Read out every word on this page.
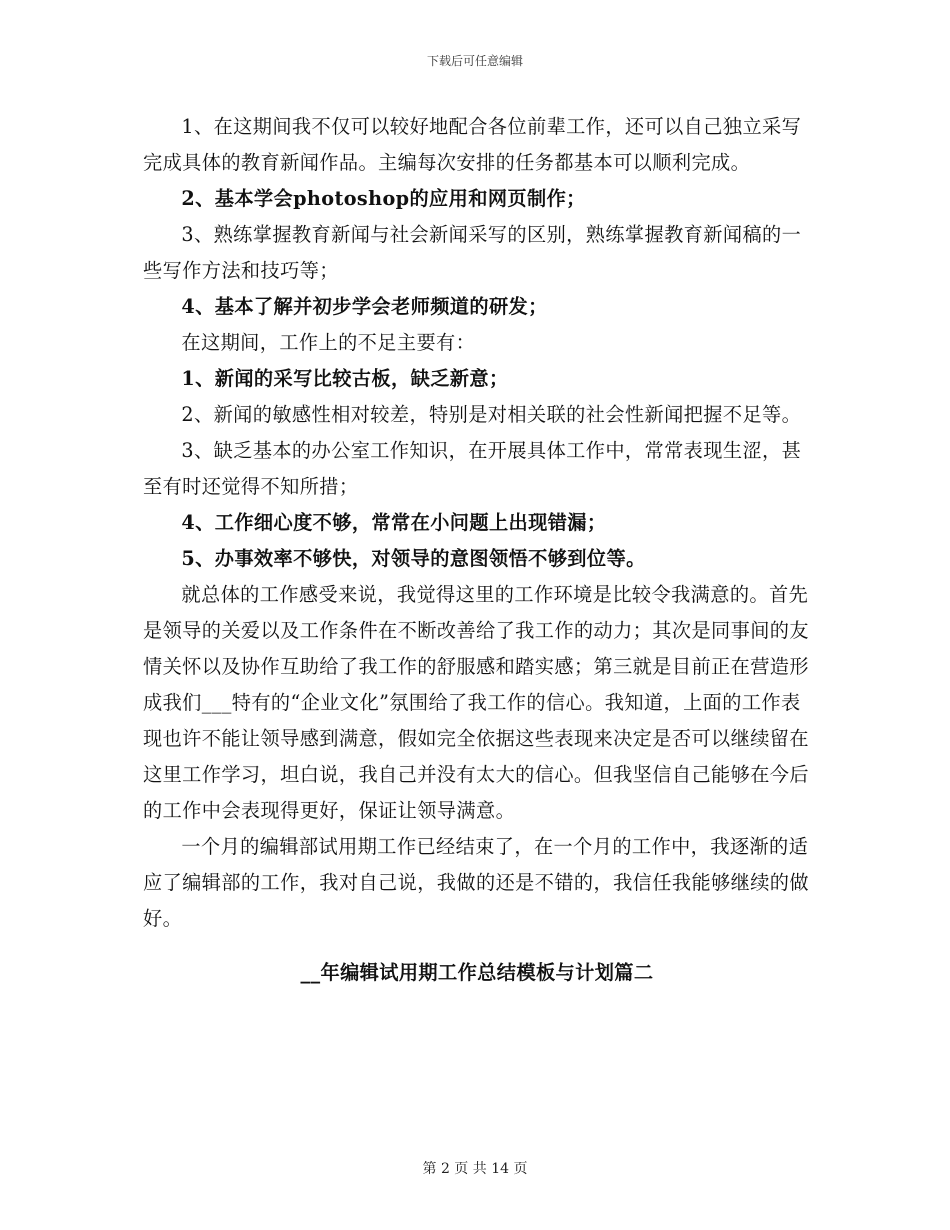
下载后可任意编辑

1、在这期间我不仅可以较好地配合各位前辈工作，还可以自己独立采写完成具体的教育新闻作品。主编每次安排的任务都基本可以顺利完成。

2、基本学会photoshop的应用和网页制作；

3、熟练掌握教育新闻与社会新闻采写的区别，熟练掌握教育新闻稿的一些写作方法和技巧等；

4、基本了解并初步学会老师频道的研发；

在这期间，工作上的不足主要有：

1、新闻的采写比较古板，缺乏新意；

2、新闻的敏感性相对较差，特别是对相关联的社会性新闻把握不足等。

3、缺乏基本的办公室工作知识，在开展具体工作中，常常表现生涩，甚至有时还觉得不知所措；

4、工作细心度不够，常常在小问题上出现错漏；

5、办事效率不够快，对领导的意图领悟不够到位等。

就总体的工作感受来说，我觉得这里的工作环境是比较令我满意的。首先是领导的关爱以及工作条件在不断改善给了我工作的动力；其次是同事间的友情关怀以及协作互助给了我工作的舒服感和踏实感；第三就是目前正在营造形成我们___特有的“企业文化”氛围给了我工作的信心。我知道，上面的工作表现也许不能让领导感到满意，假如完全依据这些表现来决定是否可以继续留在这里工作学习，坦白说，我自己并没有太大的信心。但我坚信自己能够在今后的工作中会表现得更好，保证让领导满意。

一个月的编辑部试用期工作已经结束了，在一个月的工作中，我逐渐的适应了编辑部的工作，我对自己说，我做的还是不错的，我信任我能够继续的做好。

__年编辑试用期工作总结模板与计划篇二
第 2 页 共 14 页
